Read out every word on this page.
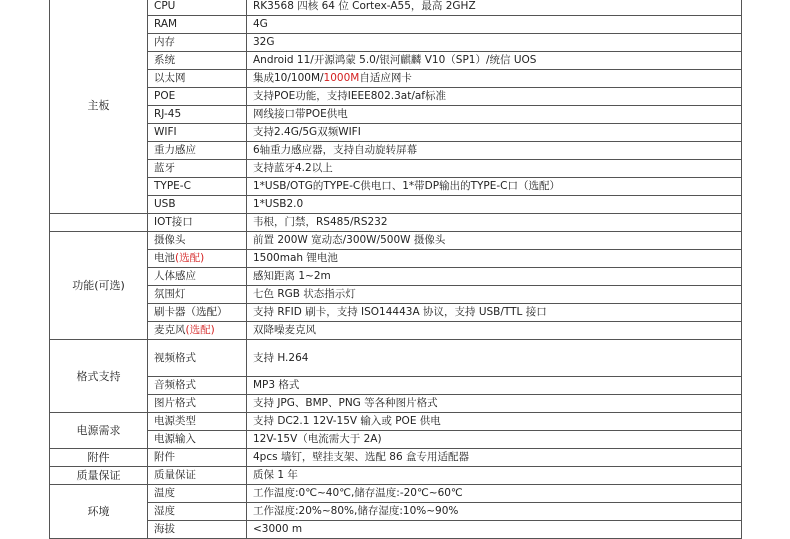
主板	CPU	RK3568 四核 64 位 Cortex-A55，最高 2GHZ
	RAM	4G
	内存	32G
	系统	Android 11/开源鸿蒙 5.0/银河麒麟 V10（SP1）/统信 UOS
	以太网	集成10/100M/1000M自适应网卡
	POE	支持POE功能，支持IEEE802.3at/af标准
	RJ-45	网线接口带POE供电
	WIFI	支持2.4G/5G双频WIFI
	重力感应	6轴重力感应器，支持自动旋转屏幕
	蓝牙	支持蓝牙4.2以上
	TYPE-C	1*USB/OTG的TYPE-C供电口、1*带DP输出的TYPE-C口（选配）
	USB	1*USB2.0
	IOT接口	韦根，门禁，RS485/RS232
功能(可选)	摄像头	前置 200W 宽动态/300W/500W 摄像头
	电池(选配)	1500mah 锂电池
	人体感应	感知距离 1~2m
	氛围灯	七色 RGB 状态指示灯
	刷卡器（选配）	支持 RFID 刷卡，支持 ISO14443A 协议，支持 USB/TTL 接口
	麦克风(选配)	双降噪麦克风
格式支持	视频格式	支持 H.264
	音频格式	MP3 格式
	图片格式	支持 JPG、BMP、PNG 等各种图片格式
电源需求	电源类型	支持 DC2.1 12V-15V 输入或 POE 供电
	电源输入	12V-15V（电流需大于 2A)
附件	附件	4pcs 墙钉，壁挂支架、选配 86 盒专用适配器
质量保证	质量保证	质保 1 年
环境	温度	工作温度:0℃~40℃,储存温度:-20℃~60℃
	湿度	工作湿度:20%~80%,储存湿度:10%~90%
	海拔	<3000 m
